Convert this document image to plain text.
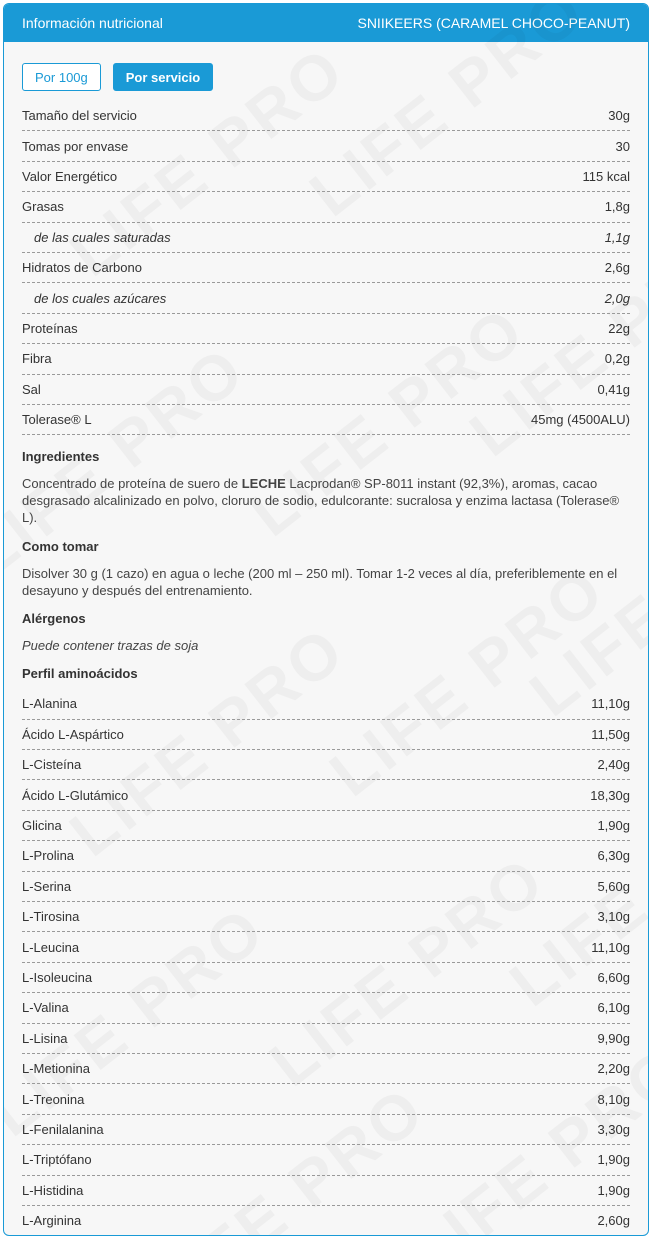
Información nutricional	SNIIKEERS (CARAMEL CHOCO-PEANUT)
Por 100g	Por servicio
Tamaño del servicio	30g
Tomas por envase	30
Valor Energético	115 kcal
Grasas	1,8g
de las cuales saturadas	1,1g
Hidratos de Carbono	2,6g
de los cuales azúcares	2,0g
Proteínas	22g
Fibra	0,2g
Sal	0,41g
Tolerase® L	45mg (4500ALU)
Ingredientes
Concentrado de proteína de suero de LECHE Lacprodan® SP-8011 instant (92,3%), aromas, cacao desgrasado alcalinizado en polvo, cloruro de sodio, edulcorante: sucralosa y enzima lactasa (Tolerase® L).
Como tomar
Disolver 30 g (1 cazo) en agua o leche (200 ml – 250 ml). Tomar 1-2 veces al día, preferiblemente en el desayuno y después del entrenamiento.
Alérgenos
Puede contener trazas de soja
Perfil aminoácidos
L-Alanina	11,10g
Ácido L-Aspártico	11,50g
L-Cisteína	2,40g
Ácido L-Glutámico	18,30g
Glicina	1,90g
L-Prolina	6,30g
L-Serina	5,60g
L-Tirosina	3,10g
L-Leucina	11,10g
L-Isoleucina	6,60g
L-Valina	6,10g
L-Lisina	9,90g
L-Metionina	2,20g
L-Treonina	8,10g
L-Fenilalanina	3,30g
L-Triptófano	1,90g
L-Histidina	1,90g
L-Arginina	2,60g
